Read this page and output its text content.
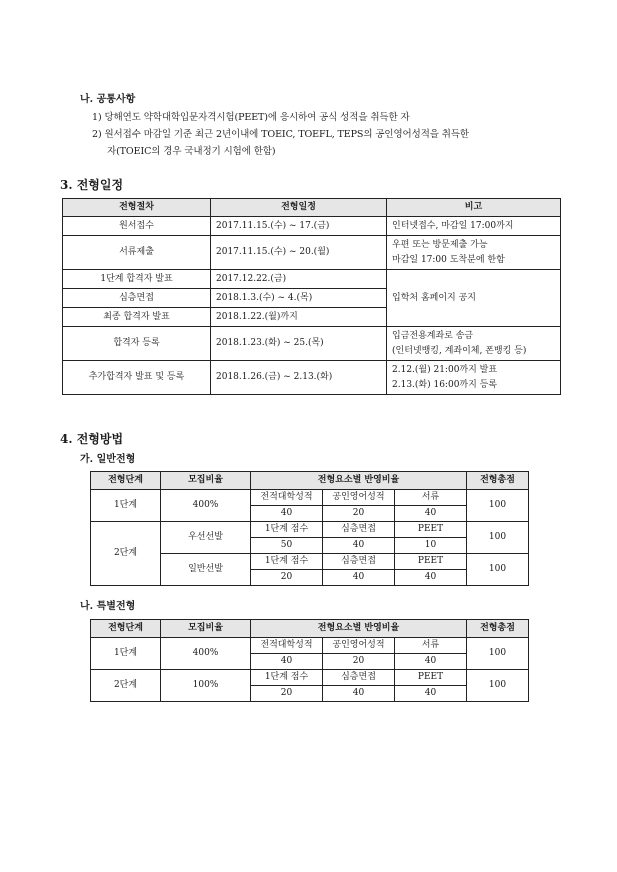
나. 공통사항
1) 당해연도 약학대학입문자격시험(PEET)에 응시하여 공식 성적을 취득한 자
2) 원서접수 마감일 기준 최근 2년이내에 TOEIC, TOEFL, TEPS의 공인영어성적을 취득한
자(TOEIC의 경우 국내정기 시험에 한함)
3. 전형일정
전형절차	전형일정	비고
원서접수	2017.11.15.(수) ~ 17.(금)	인터넷접수, 마감일 17:00까지
서류제출	2017.11.15.(수) ~ 20.(월)	우편 또는 방문제출 가능
마감일 17:00 도착분에 한함

1단계 합격자 발표	2017.12.22.(금)	입학처 홈페이지 공지
심층면접	2018.1.3.(수) ~ 4.(목)	
최종 합격자 발표	2018.1.22.(월)까지	
합격자 등록	2018.1.23.(화) ~ 25.(목)	입금전용계좌로 송금
(인터넷뱅킹, 계좌이체, 폰뱅킹 등)

추가합격자 발표 및 등록	2018.1.26.(금) ~ 2.13.(화)	2.12.(월) 21:00까지 발표
2.13.(화) 16:00까지 등록
4. 전형방법
가. 일반전형
전형단계	모집비율	전형요소별 반영비율			전형총점
1단계	400%	전적대학성적	공인영어성적	서류	100
		40	20	40	
2단계	우선선발	1단계 점수	심층면접	PEET	100
		50	40	10	
	일반선발	1단계 점수	심층면접	PEET	100
		20	40	40	
나. 특별전형
전형단계	모집비율	전형요소별 반영비율			전형총점
1단계	400%	전적대학성적	공인영어성적	서류	100
		40	20	40	
2단계	100%	1단계 점수	심층면접	PEET	100
		20	40	40	
